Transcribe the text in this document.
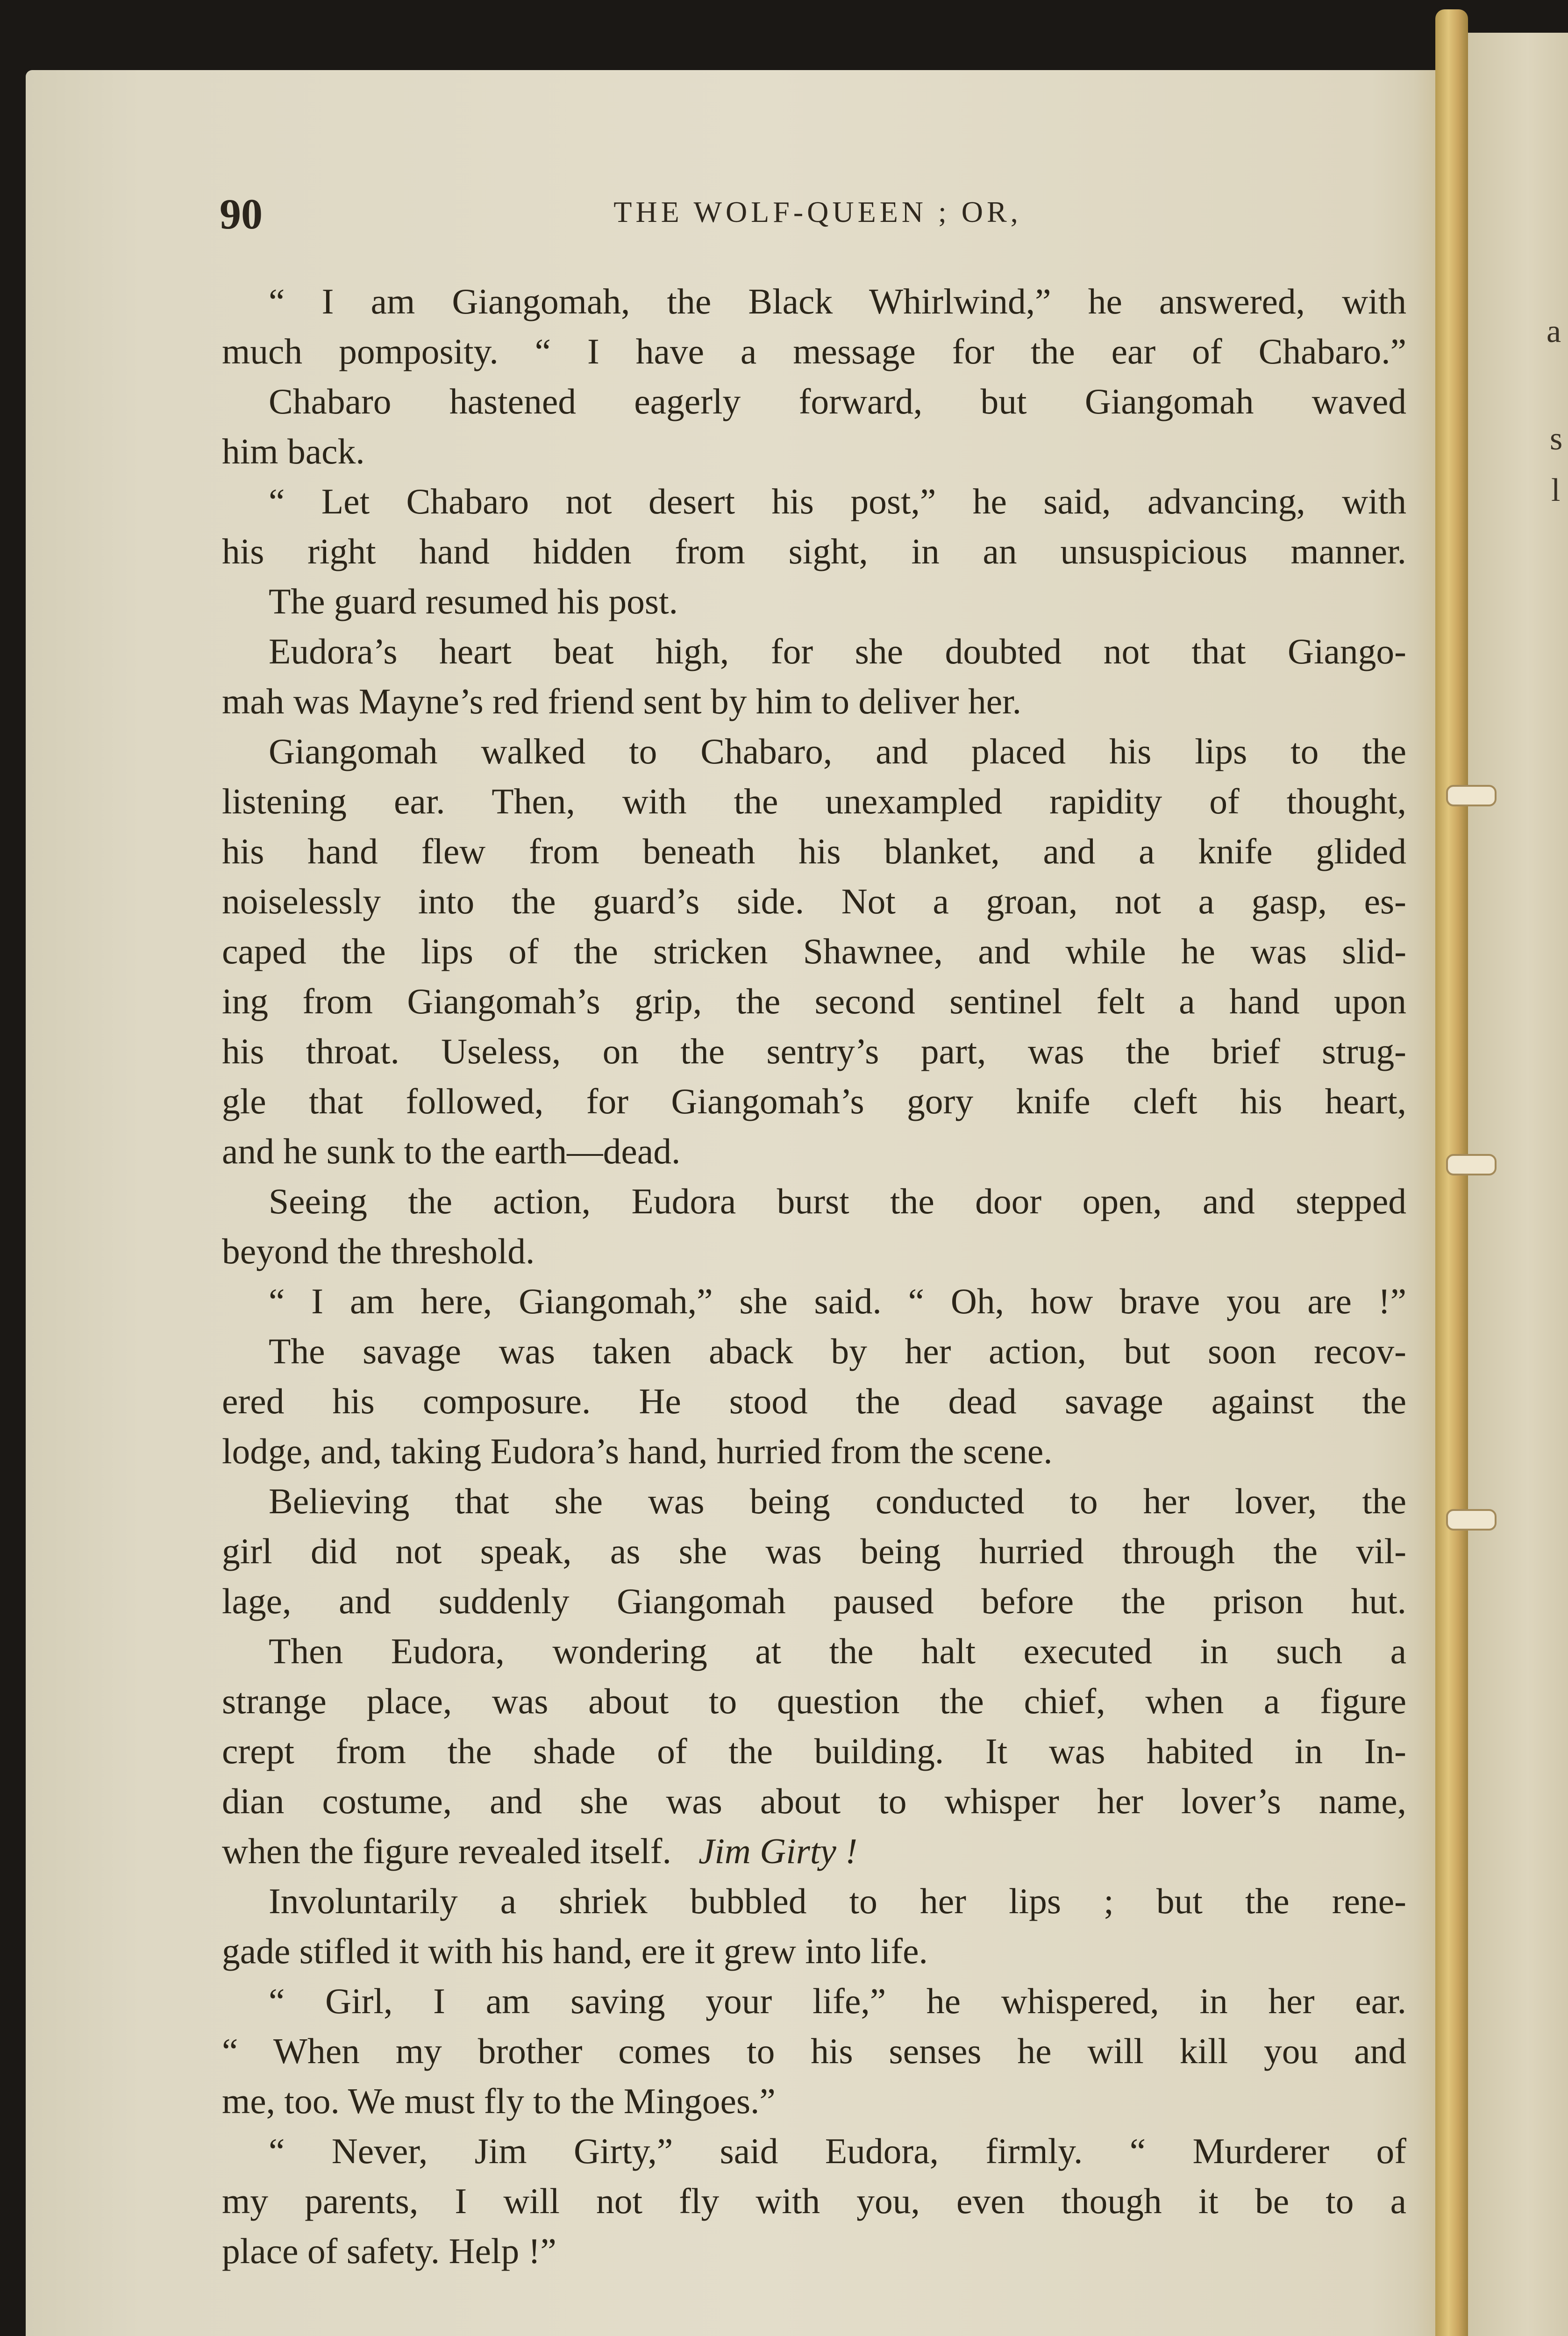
a
s
l
90	THE WOLF-QUEEN ; OR,
“ I am Giangomah, the Black Whirlwind,” he answered, with
much pomposity. “ I have a message for the ear of Chabaro.”
Chabaro hastened eagerly forward, but Giangomah waved
him back.
“ Let Chabaro not desert his post,” he said, advancing, with
his right hand hidden from sight, in an unsuspicious manner.
The guard resumed his post.
Eudora’s heart beat high, for she doubted not that Giango-
mah was Mayne’s red friend sent by him to deliver her.
Giangomah walked to Chabaro, and placed his lips to the
listening ear. Then, with the unexampled rapidity of thought,
his hand flew from beneath his blanket, and a knife glided
noiselessly into the guard’s side. Not a groan, not a gasp, es-
caped the lips of the stricken Shawnee, and while he was slid-
ing from Giangomah’s grip, the second sentinel felt a hand upon
his throat. Useless, on the sentry’s part, was the brief strug-
gle that followed, for Giangomah’s gory knife cleft his heart,
and he sunk to the earth—dead.
Seeing the action, Eudora burst the door open, and stepped
beyond the threshold.
“ I am here, Giangomah,” she said. “ Oh, how brave you are !”
The savage was taken aback by her action, but soon recov-
ered his composure. He stood the dead savage against the
lodge, and, taking Eudora’s hand, hurried from the scene.
Believing that she was being conducted to her lover, the
girl did not speak, as she was being hurried through the vil-
lage, and suddenly Giangomah paused before the prison hut.
Then Eudora, wondering at the halt executed in such a
strange place, was about to question the chief, when a figure
crept from the shade of the building. It was habited in In-
dian costume, and she was about to whisper her lover’s name,
when the figure revealed itself. Jim Girty !
Involuntarily a shriek bubbled to her lips ; but the rene-
gade stifled it with his hand, ere it grew into life.
“ Girl, I am saving your life,” he whispered, in her ear.
“ When my brother comes to his senses he will kill you and
me, too. We must fly to the Mingoes.”
“ Never, Jim Girty,” said Eudora, firmly. “ Murderer of
my parents, I will not fly with you, even though it be to a
place of safety. Help !”
